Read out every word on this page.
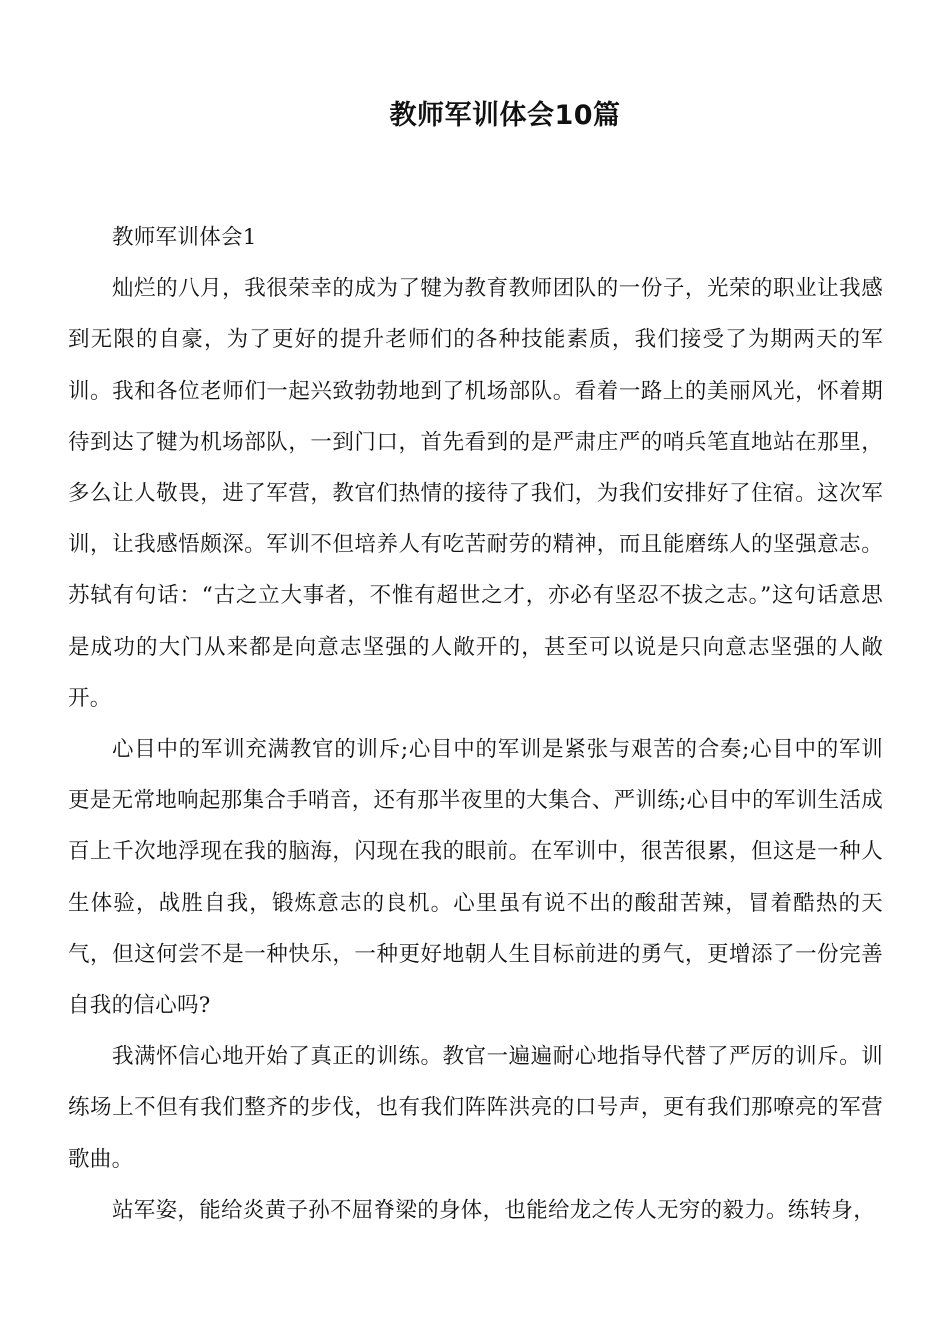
教师军训体会10篇

教师军训体会1

灿烂的八月，我很荣幸的成为了犍为教育教师团队的一份子，光荣的职业让我感到无限的自豪，为了更好的提升老师们的各种技能素质，我们接受了为期两天的军训。我和各位老师们一起兴致勃勃地到了机场部队。看着一路上的美丽风光，怀着期待到达了犍为机场部队，一到门口，首先看到的是严肃庄严的哨兵笔直地站在那里，多么让人敬畏，进了军营，教官们热情的接待了我们，为我们安排好了住宿。这次军训，让我感悟颇深。军训不但培养人有吃苦耐劳的精神，而且能磨练人的坚强意志。苏轼有句话：“古之立大事者，不惟有超世之才，亦必有坚忍不拔之志。”这句话意思是成功的大门从来都是向意志坚强的人敞开的，甚至可以说是只向意志坚强的人敞开。

心目中的军训充满教官的训斥;心目中的军训是紧张与艰苦的合奏;心目中的军训更是无常地响起那集合手哨音，还有那半夜里的大集合、严训练;心目中的军训生活成百上千次地浮现在我的脑海，闪现在我的眼前。在军训中，很苦很累，但这是一种人生体验，战胜自我，锻炼意志的良机。心里虽有说不出的酸甜苦辣，冒着酷热的天气，但这何尝不是一种快乐，一种更好地朝人生目标前进的勇气，更增添了一份完善自我的信心吗?

我满怀信心地开始了真正的训练。教官一遍遍耐心地指导代替了严厉的训斥。训练场上不但有我们整齐的步伐，也有我们阵阵洪亮的口号声，更有我们那嘹亮的军营歌曲。

站军姿，能给炎黄子孙不屈脊梁的身体，也能给龙之传人无穷的毅力。练转身，
